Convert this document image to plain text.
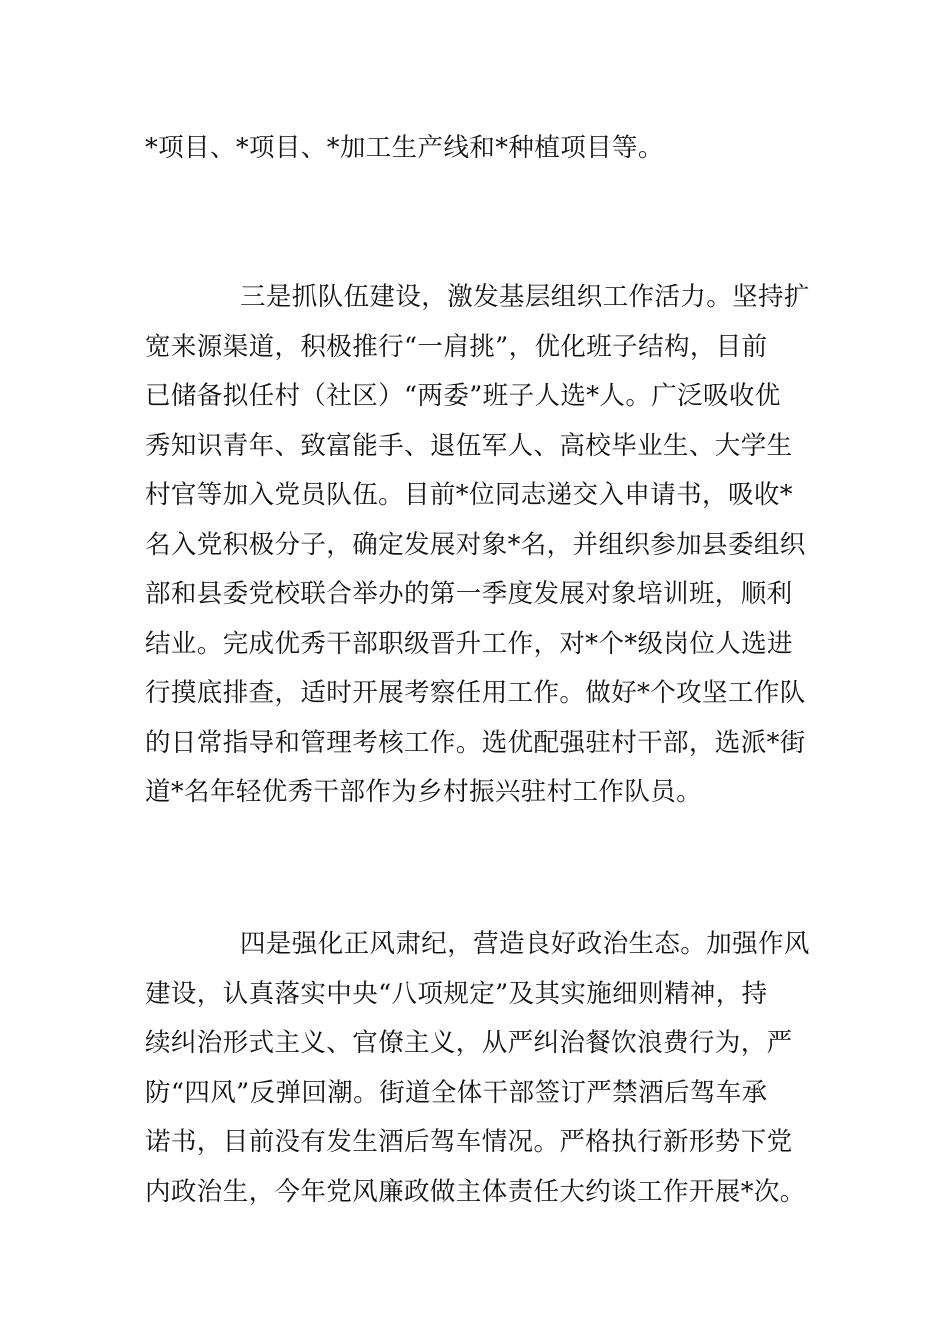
*项目、*项目、*加工生产线和*种植项目等。
三是抓队伍建设，激发基层组织工作活力。坚持扩
宽来源渠道，积极推行“一肩挑”，优化班子结构，目前
已储备拟任村（社区）“两委”班子人选*人。广泛吸收优
秀知识青年、致富能手、退伍军人、高校毕业生、大学生
村官等加入党员队伍。目前*位同志递交入申请书，吸收*
名入党积极分子，确定发展对象*名，并组织参加县委组织
部和县委党校联合举办的第一季度发展对象培训班，顺利
结业。完成优秀干部职级晋升工作，对*个*级岗位人选进
行摸底排查，适时开展考察任用工作。做好*个攻坚工作队
的日常指导和管理考核工作。选优配强驻村干部，选派*街
道*名年轻优秀干部作为乡村振兴驻村工作队员。
四是强化正风肃纪，营造良好政治生态。加强作风
建设，认真落实中央“八项规定”及其实施细则精神，持
续纠治形式主义、官僚主义，从严纠治餐饮浪费行为，严
防“四风”反弹回潮。街道全体干部签订严禁酒后驾车承
诺书，目前没有发生酒后驾车情况。严格执行新形势下党
内政治生，今年党风廉政做主体责任大约谈工作开展*次。
